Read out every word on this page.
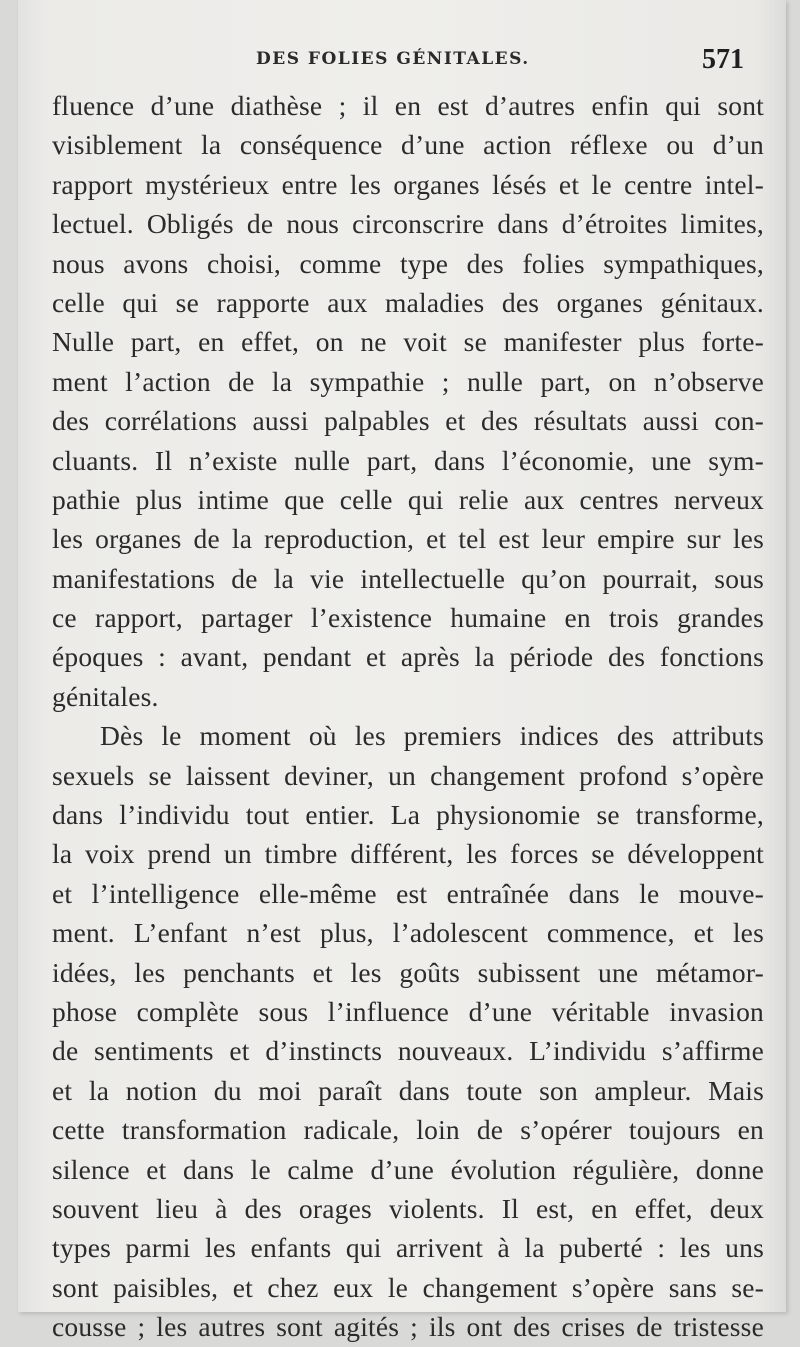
DES FOLIES GÉNITALES.	571
fluence d’une diathèse ; il en est d’autres enfin qui sont
visiblement la conséquence d’une action réflexe ou d’un
rapport mystérieux entre les organes lésés et le centre intel-
lectuel. Obligés de nous circonscrire dans d’étroites limites,
nous avons choisi, comme type des folies sympathiques,
celle qui se rapporte aux maladies des organes génitaux.
Nulle part, en effet, on ne voit se manifester plus forte-
ment l’action de la sympathie ; nulle part, on n’observe
des corrélations aussi palpables et des résultats aussi con-
cluants. Il n’existe nulle part, dans l’économie, une sym-
pathie plus intime que celle qui relie aux centres nerveux
les organes de la reproduction, et tel est leur empire sur les
manifestations de la vie intellectuelle qu’on pourrait, sous
ce rapport, partager l’existence humaine en trois grandes
époques : avant, pendant et après la période des fonctions
génitales.
Dès le moment où les premiers indices des attributs
sexuels se laissent deviner, un changement profond s’opère
dans l’individu tout entier. La physionomie se transforme,
la voix prend un timbre différent, les forces se développent
et l’intelligence elle-même est entraînée dans le mouve-
ment. L’enfant n’est plus, l’adolescent commence, et les
idées, les penchants et les goûts subissent une métamor-
phose complète sous l’influence d’une véritable invasion
de sentiments et d’instincts nouveaux. L’individu s’affirme
et la notion du moi paraît dans toute son ampleur. Mais
cette transformation radicale, loin de s’opérer toujours en
silence et dans le calme d’une évolution régulière, donne
souvent lieu à des orages violents. Il est, en effet, deux
types parmi les enfants qui arrivent à la puberté : les uns
sont paisibles, et chez eux le changement s’opère sans se-
cousse ; les autres sont agités ; ils ont des crises de tristesse
